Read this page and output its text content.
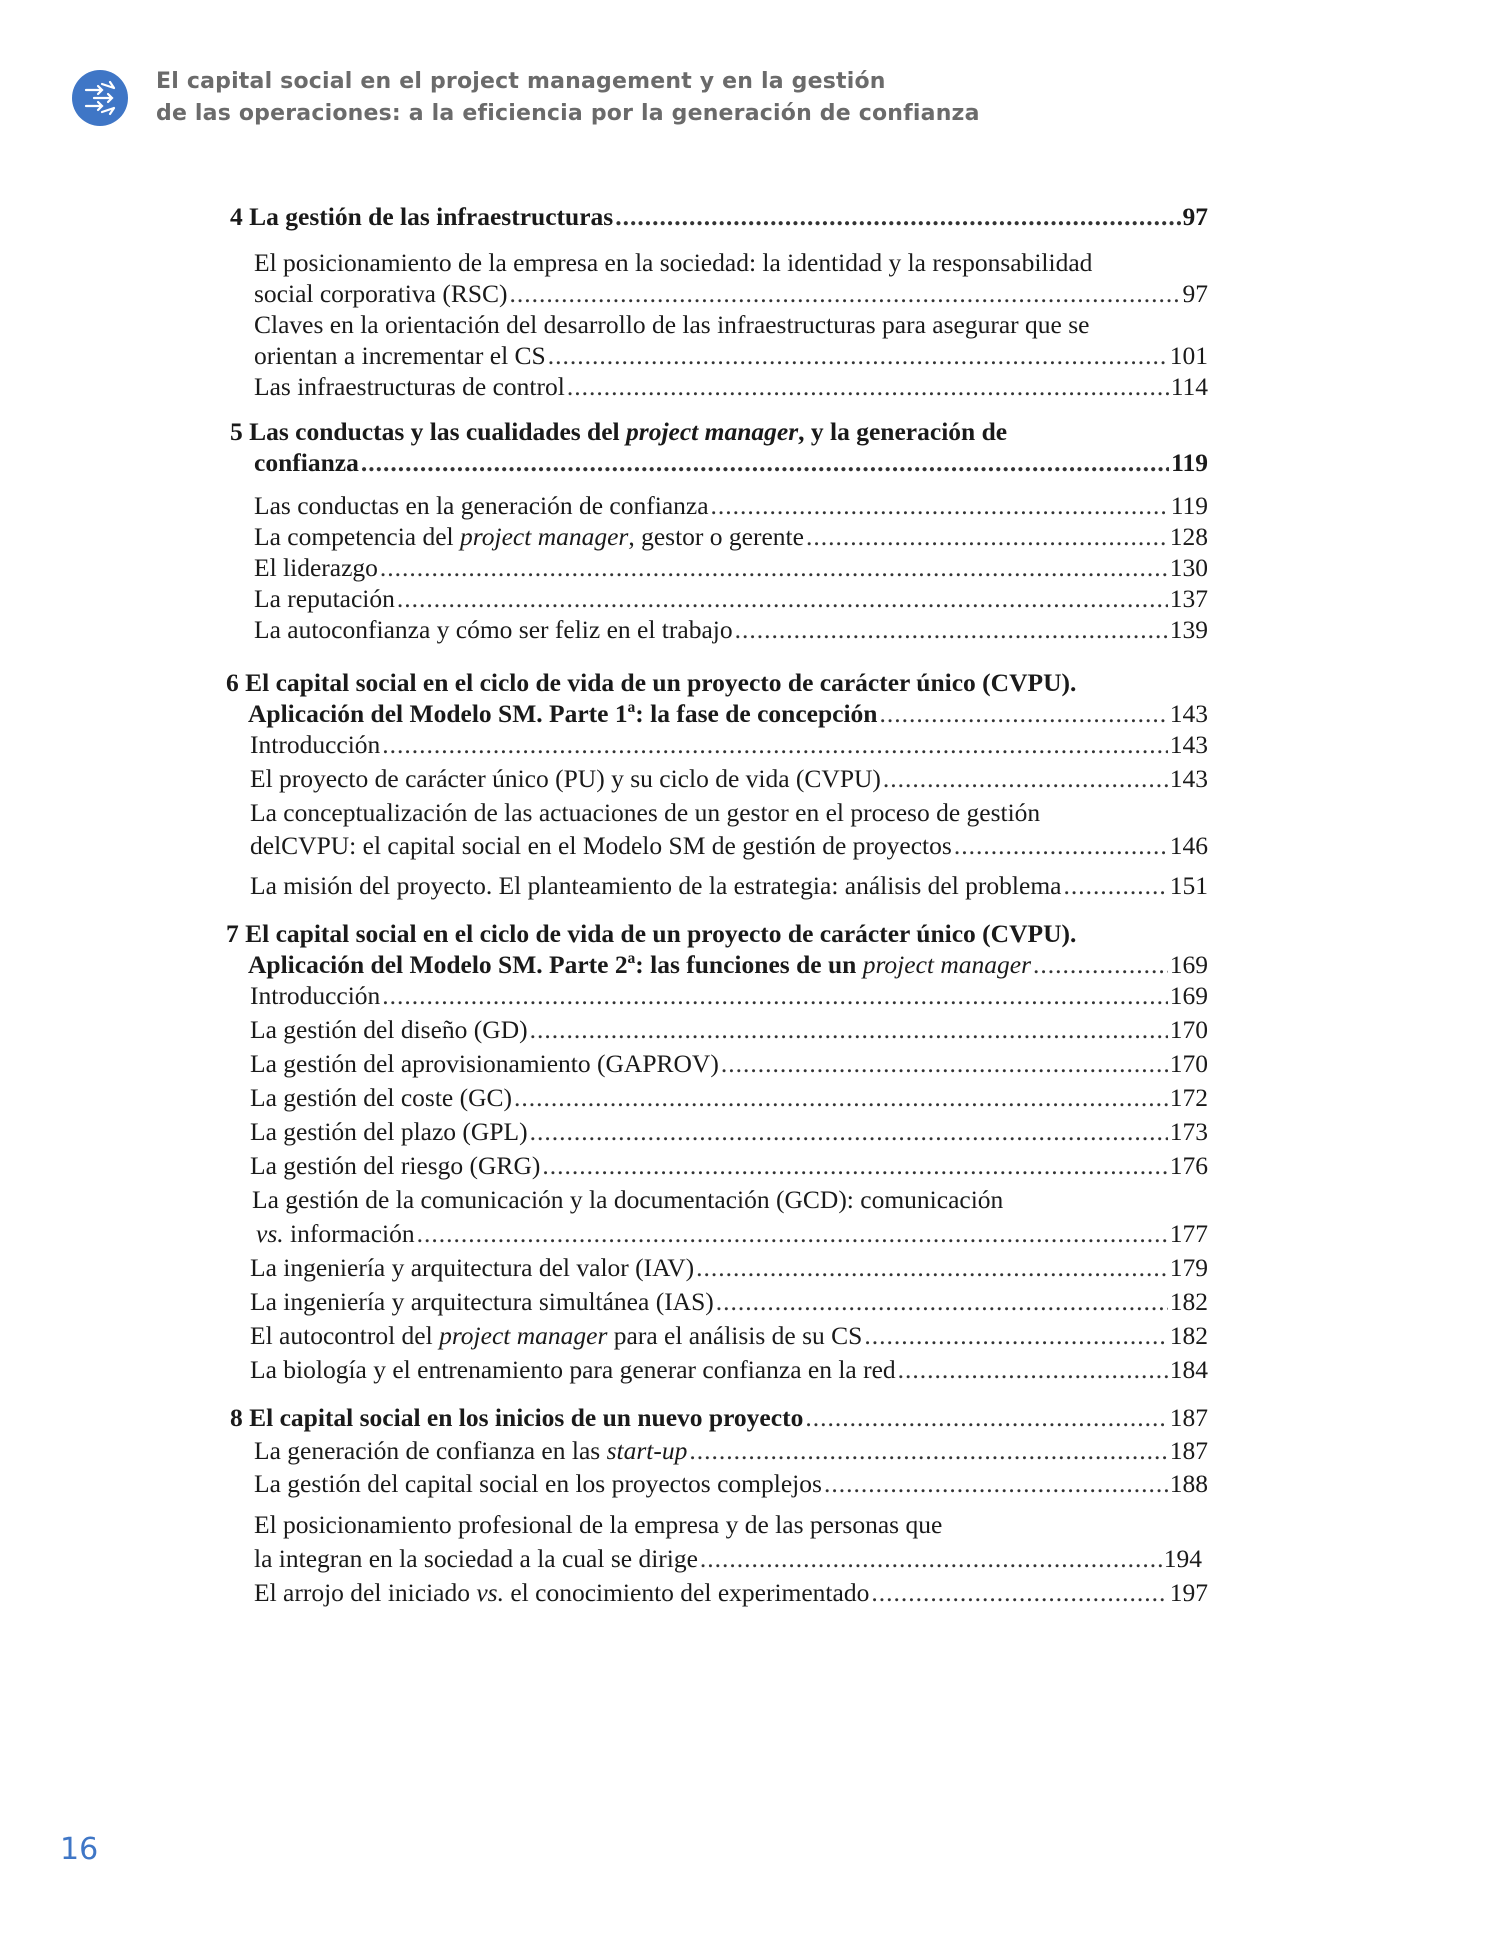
El capital social en el project management y en la gestión
de las operaciones: a la eficiencia por la generación de confianza
4 La gestión de las infraestructuras .....	97
El posicionamiento de la empresa en la sociedad: la identidad y la responsabilidad
social corporativa (RSC) .....	97
Claves en la orientación del desarrollo de las infraestructuras para asegurar que se
orientan a incrementar el CS .....	101
Las infraestructuras de control .....	114
5 Las conductas y las cualidades del project manager, y la generación de
confianza .....	119
Las conductas en la generación de confianza .....	119
La competencia del project manager, gestor o gerente .....	128
El liderazgo .....	130
La reputación .....	137
La autoconfianza y cómo ser feliz en el trabajo .....	139
6 El capital social en el ciclo de vida de un proyecto de carácter único (CVPU).
Aplicación del Modelo SM. Parte 1ª: la fase de concepción .....	143
Introducción .....	143
El proyecto de carácter único (PU) y su ciclo de vida (CVPU) .....	143
La conceptualización de las actuaciones de un gestor en el proceso de gestión
delCVPU: el capital social en el Modelo SM de gestión de proyectos .....	146
La misión del proyecto. El planteamiento de la estrategia: análisis del problema .....	151
7 El capital social en el ciclo de vida de un proyecto de carácter único (CVPU).
Aplicación del Modelo SM. Parte 2ª: las funciones de un project manager .....	169
Introducción .....	169
La gestión del diseño (GD) .....	170
La gestión del aprovisionamiento (GAPROV) .....	170
La gestión del coste (GC) .....	172
La gestión del plazo (GPL) .....	173
La gestión del riesgo (GRG) .....	176
La gestión de la comunicación y la documentación (GCD): comunicación
vs. información .....	177
La ingeniería y arquitectura del valor (IAV) .....	179
La ingeniería y arquitectura simultánea (IAS) .....	182
El autocontrol del project manager para el análisis de su CS .....	182
La biología y el entrenamiento para generar confianza en la red .....	184
8 El capital social en los inicios de un nuevo proyecto .....	187
La generación de confianza en las start-up .....	187
La gestión del capital social en los proyectos complejos .....	188
El posicionamiento profesional de la empresa y de las personas que
la integran en la sociedad a la cual se dirige .....	194
El arrojo del iniciado vs. el conocimiento del experimentado .....	197
16
